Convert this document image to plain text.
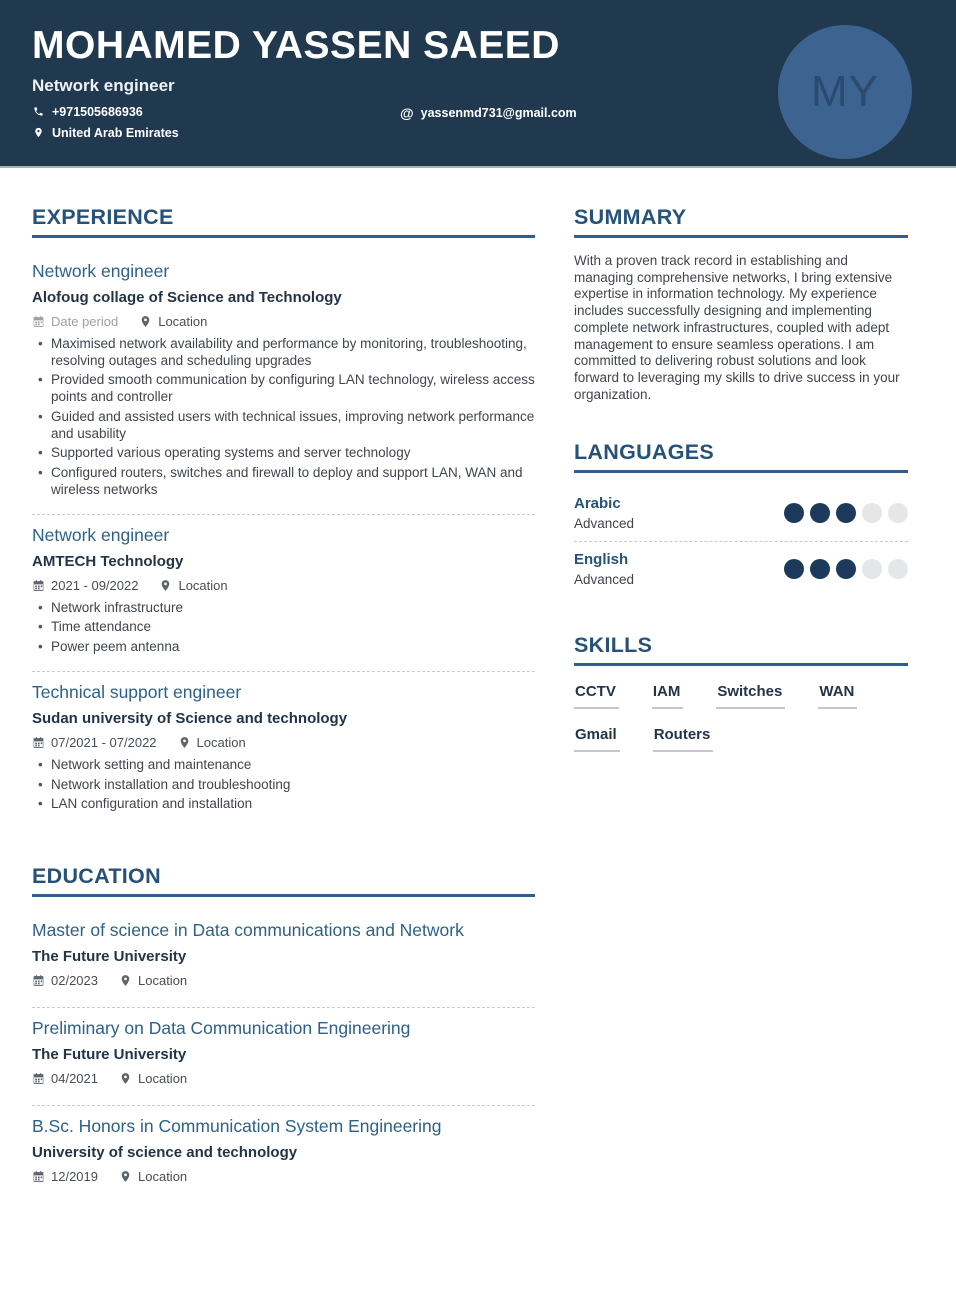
MOHAMED YASSEN SAEED
Network engineer
+971505686936
United Arab Emirates
@ yassenmd731@gmail.com	MY
EXPERIENCE
Network engineer
Alofoug collage of Science and Technology
Date period	Location
• Maximised network availability and performance by monitoring, troubleshooting, resolving outages and scheduling upgrades
• Provided smooth communication by configuring LAN technology, wireless access points and controller
• Guided and assisted users with technical issues, improving network performance and usability
• Supported various operating systems and server technology
• Configured routers, switches and firewall to deploy and support LAN, WAN and wireless networks
Network engineer
AMTECH Technology
2021 - 09/2022	Location
• Network infrastructure
• Time attendance
• Power peem antenna
Technical support engineer
Sudan university of Science and technology
07/2021 - 07/2022	Location
• Network setting and maintenance
• Network installation and troubleshooting
• LAN configuration and installation
EDUCATION
Master of science in Data communications and Network
The Future University
02/2023	Location
Preliminary on Data Communication Engineering
The Future University
04/2021	Location
B.Sc. Honors in Communication System Engineering
University of science and technology
12/2019	Location
SUMMARY
With a proven track record in establishing and managing comprehensive networks, I bring extensive expertise in information technology. My experience includes successfully designing and implementing complete network infrastructures, coupled with adept management to ensure seamless operations. I am committed to delivering robust solutions and look forward to leveraging my skills to drive success in your organization.
LANGUAGES
Arabic
Advanced
English
Advanced
SKILLS
CCTV IAM Switches WAN
Gmail Routers
